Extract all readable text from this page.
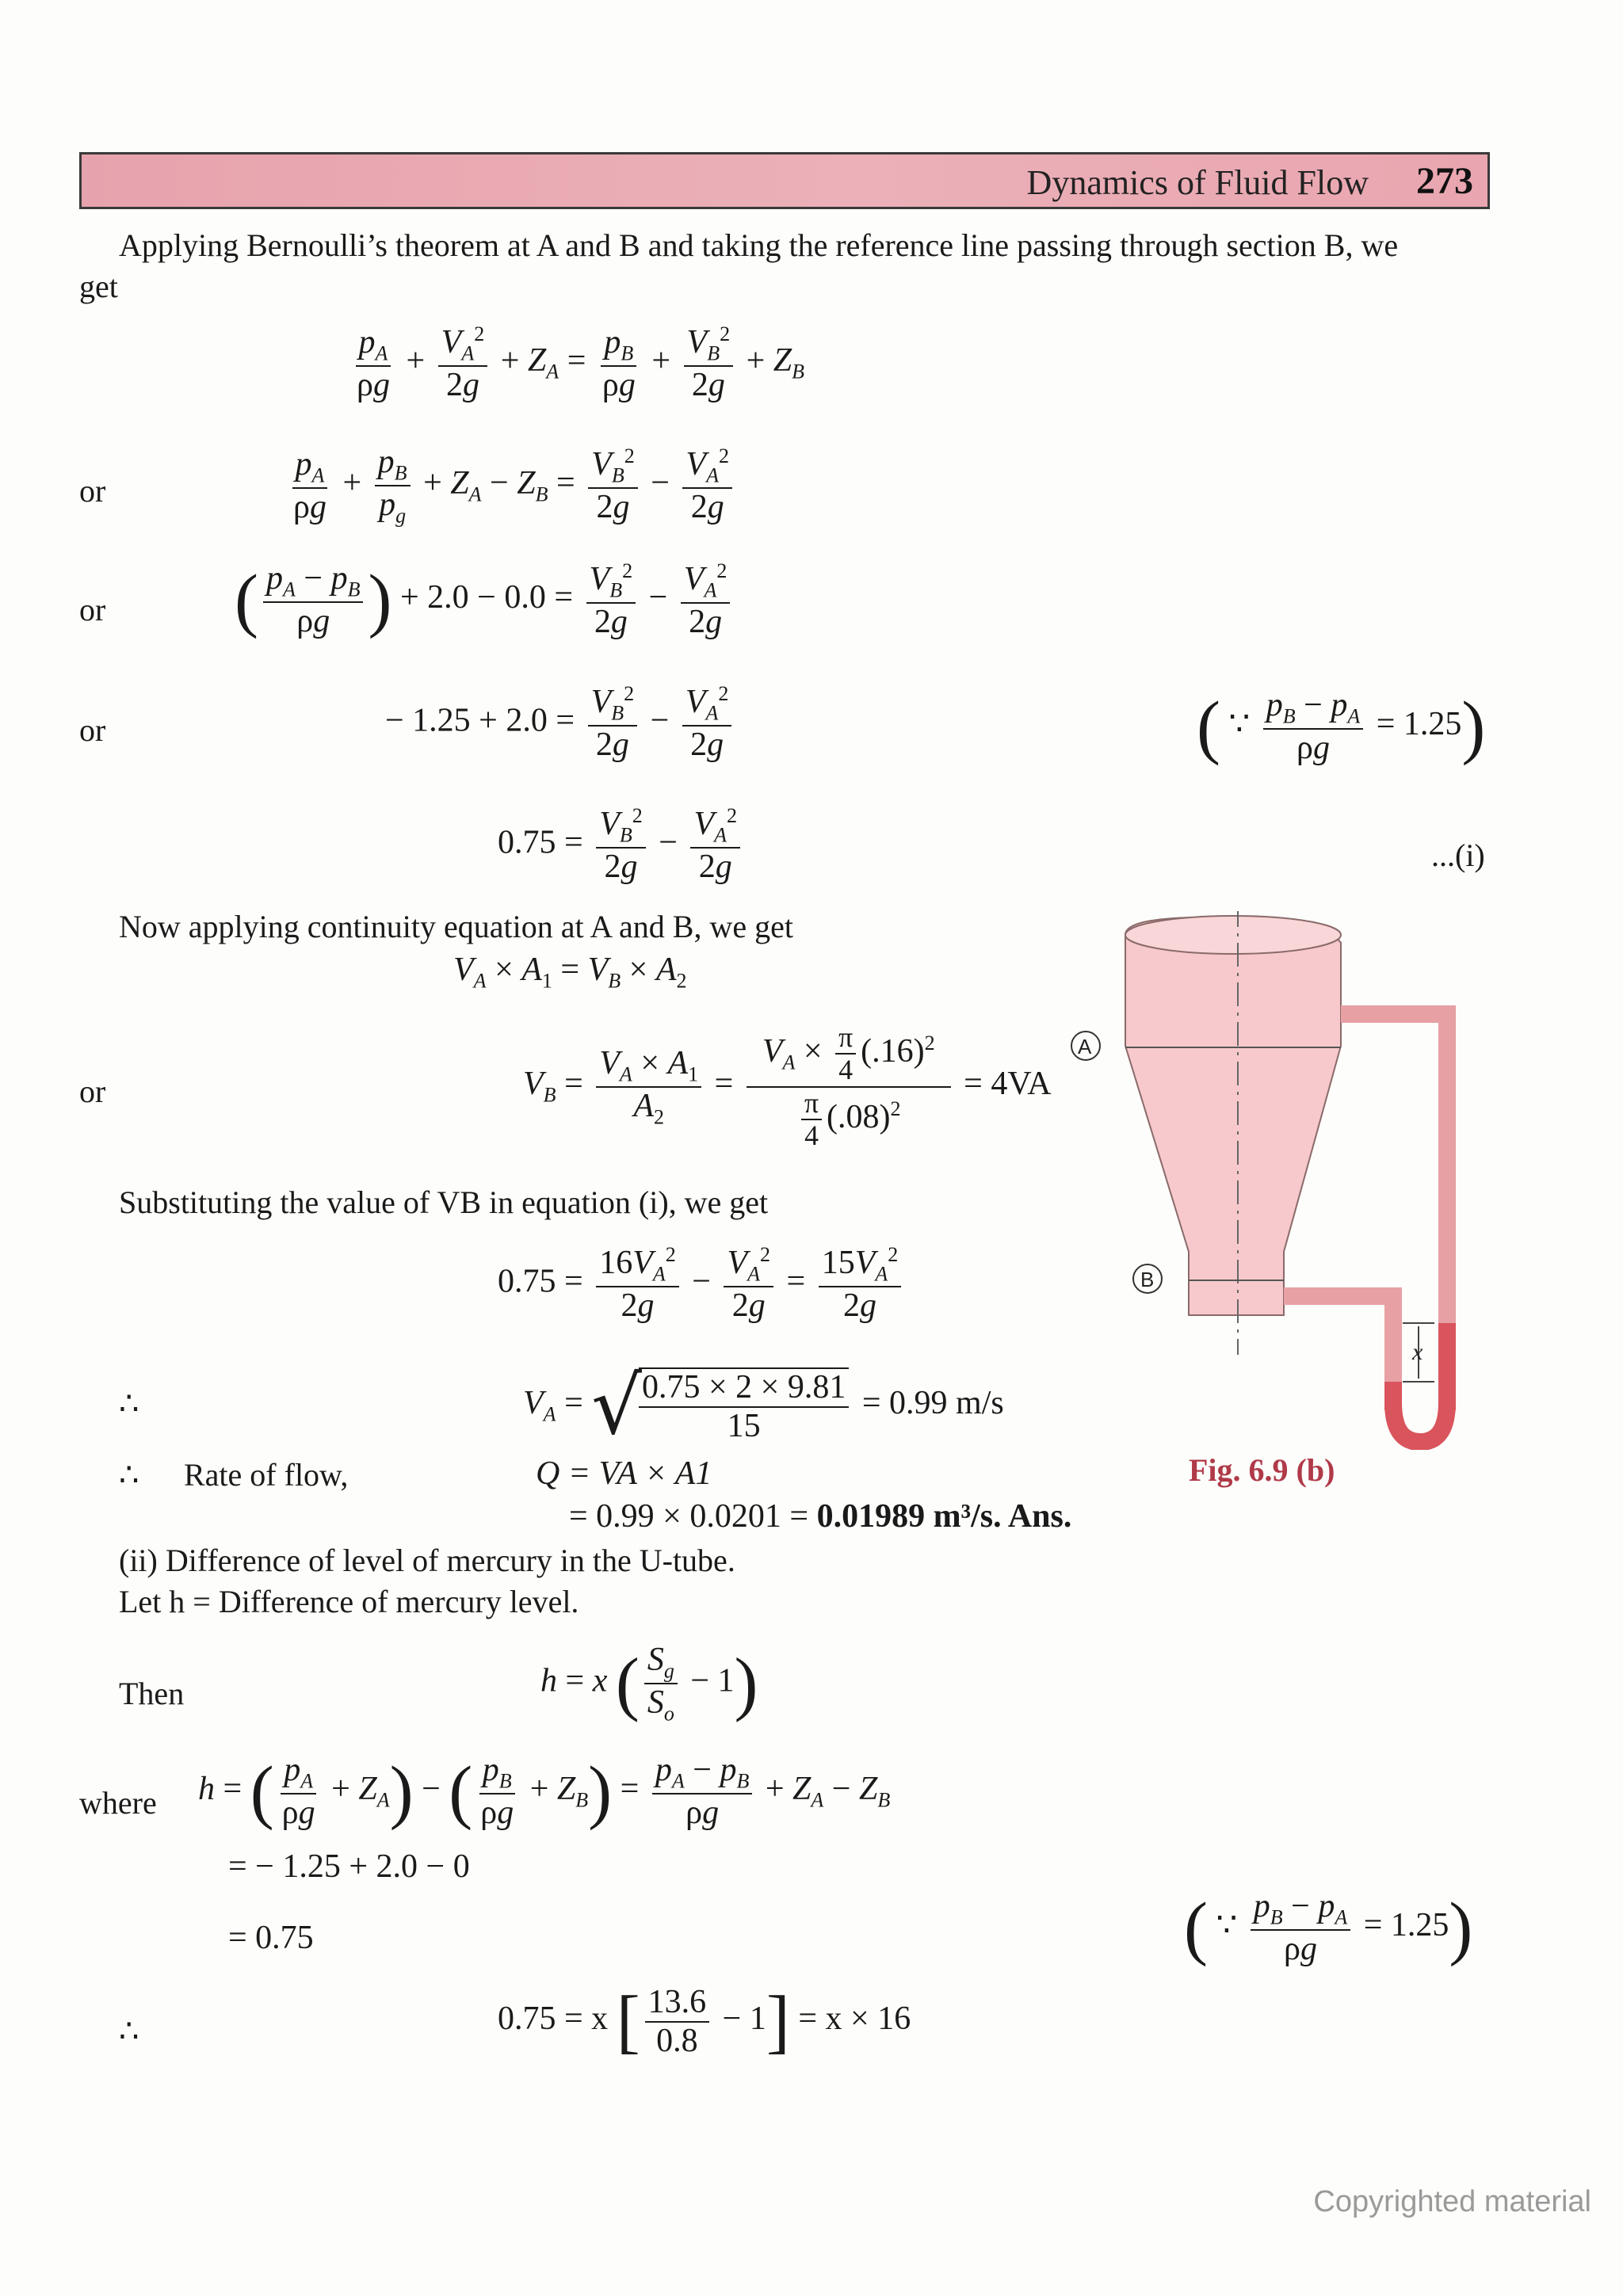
Dynamics of Fluid Flow 273
Applying Bernoulli’s theorem at A and B and taking the reference line passing through section B, we
get
$\frac{p_A}{\rho g} + \frac{V_A^2}{2g} + Z_A = \frac{p_B}{\rho g} + \frac{V_B^2}{2g} + Z_B$
or	$\frac{p_A}{\rho g} + \frac{p_B}{p_g} + Z_A - Z_B = \frac{V_B^2}{2g} - \frac{V_A^2}{2g}$
or ( $\frac{p_A - p_B}{\rho g}$ ) + $2.0 - 0.0 = \frac{V_B^2}{2g} - \frac{V_A^2}{2g}$
or	− $1.25 + 2.0 = \frac{V_B^2}{2g} - \frac{V_A^2}{2g}$	( ∵ $\frac{p_B - p_A}{\rho g} = 1.25$)
$0.75 = \frac{V_B^2}{2g} - \frac{V_A^2}{2g}$	...(i)
Now applying continuity equation at A and B, we get
$V_A \times A_1 = V_B \times A_2$
or	$V_B = \frac{V_A \times A_1}{A_2} = \frac{V_A \times \frac{\pi}{4} (.16)^2}{\frac{\pi}{4} (.08)^2} = 4VA$
Substituting the value of VB in equation (i), we get
$0.75 = \frac{16V_A^2}{2g} - \frac{V_A^2}{2g} = \frac{15V_A^2}{2g}$
∴	$V_A$ = √
$\frac{0.75 \times 2 \times 9.81}{15} = 0.99$ m/s
∴ Rate of flow,	Q = VA × A1
= 0.99 × 0.0201 = 0.01989 m³/s. Ans.
(ii) Difference of level of mercury in the U-tube.
Let h = Difference of mercury level.
Then	h = x ( $\frac{S_g}{S_o} - 1$)
where h = ( $\frac{p_A}{\rho g} + Z_A$) − ( $\frac{p_B}{\rho g} + Z_B) = \frac{p_A - p_B}{\rho g} + Z_A - Z_B$
= − 1.25 + 2.0 − 0
= 0.75	( ∵ $\frac{p_B - p_A}{\rho g} = 1.25$)
∴	0.75 = x [ $\frac{13.6}{0.8} - 1] = x \times 16$
x
A
B
Fig. 6.9 (b)
Copyrighted material
